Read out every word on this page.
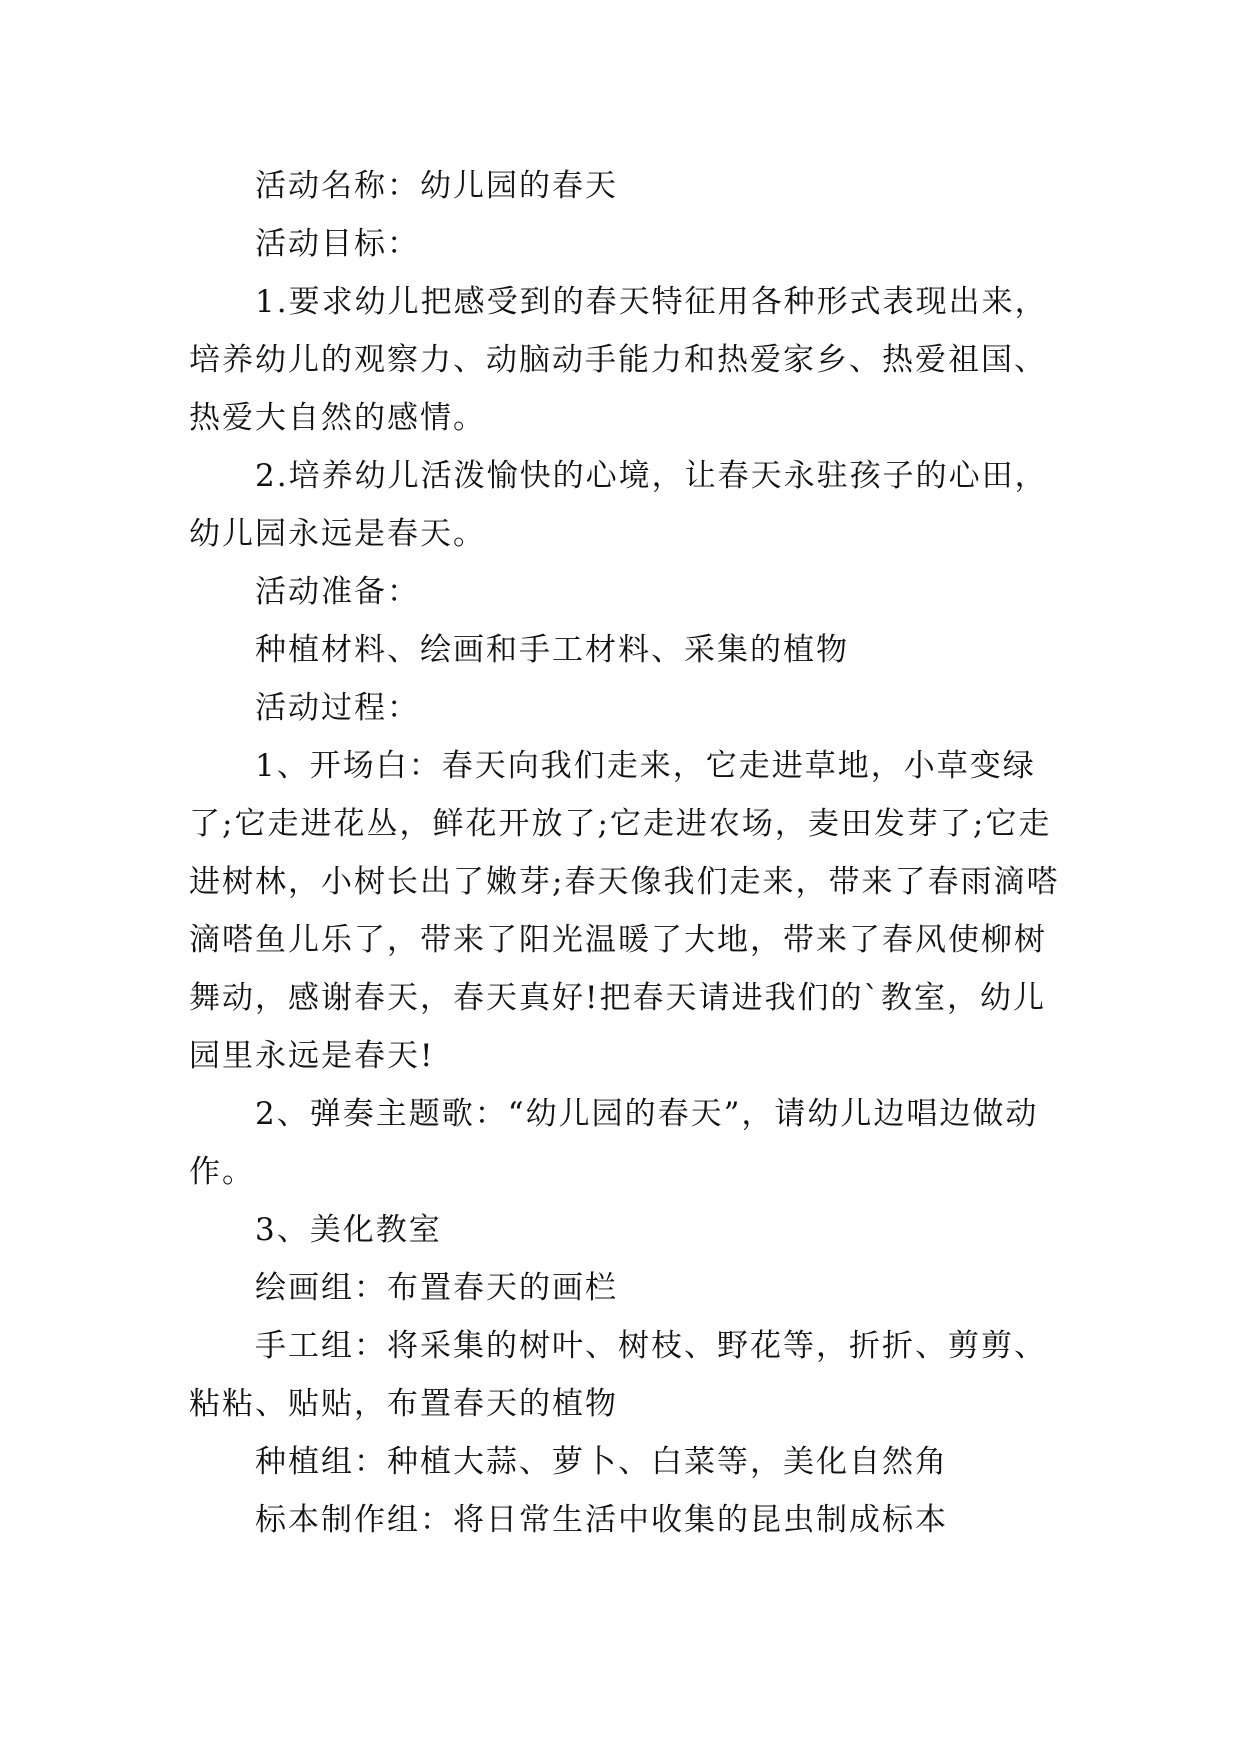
活动名称：幼儿园的春天

活动目标：

1.要求幼儿把感受到的春天特征用各种形式表现出来，培养幼儿的观察力、动脑动手能力和热爱家乡、热爱祖国、热爱大自然的感情。

2.培养幼儿活泼愉快的心境，让春天永驻孩子的心田，幼儿园永远是春天。

活动准备：

种植材料、绘画和手工材料、采集的植物

活动过程：

1、开场白：春天向我们走来，它走进草地，小草变绿了;它走进花丛，鲜花开放了;它走进农场，麦田发芽了;它走进树林，小树长出了嫩芽;春天像我们走来，带来了春雨滴嗒滴嗒鱼儿乐了，带来了阳光温暖了大地，带来了春风使柳树舞动，感谢春天，春天真好!把春天请进我们的`教室，幼儿园里永远是春天!

2、弹奏主题歌：“幼儿园的春天”，请幼儿边唱边做动作。

3、美化教室

绘画组：布置春天的画栏

手工组：将采集的树叶、树枝、野花等，折折、剪剪、粘粘、贴贴，布置春天的植物

种植组：种植大蒜、萝卜、白菜等，美化自然角

标本制作组：将日常生活中收集的昆虫制成标本
